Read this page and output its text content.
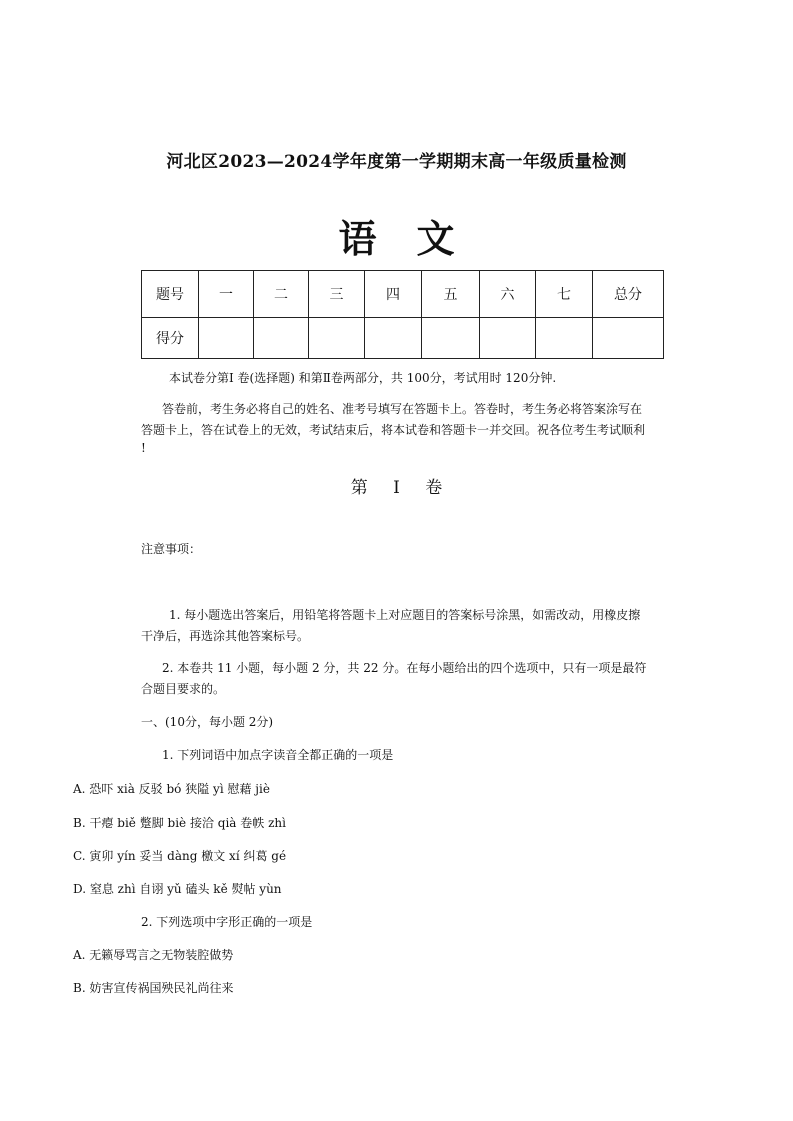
河北区2023—2024学年度第一学期期末高一年级质量检测
语文
题号	一	二	三	四	五	六	七	总分
得分								
本试卷分第Ⅰ 卷(选择题) 和第Ⅱ卷两部分，共 100分，考试用时 120分钟.
答卷前，考生务必将自己的姓名、准考号填写在答题卡上。答卷时，考生务必将答案涂写在
答题卡上，答在试卷上的无效，考试结束后，将本试卷和答题卡一并交回。祝各位考生考试顺利
!
第 Ⅰ 卷
注意事项：
1. 每小题选出答案后，用铅笔将答题卡上对应题目的答案标号涂黑，如需改动，用橡皮擦
干净后，再选涂其他答案标号。
2. 本卷共 11 小题，每小题 2 分，共 22 分。在每小题给出的四个选项中，只有一项是最符
合题目要求的。
一、(10分，每小题 2分)
1. 下列词语中加点字读音全都正确的一项是
A. 恐吓 xià 反驳 bó 狭隘 yì 慰藉 jiè
B. 干瘪 biě 蹩脚 biè 接洽 qià 卷帙 zhì
C. 寅卯 yín 妥当 dàng 檄文 xí 纠葛 gé
D. 窒息 zhì 自诩 yǔ 磕头 kě 熨帖 yùn
2. 下列选项中字形正确的一项是
A. 无籁辱骂言之无物装腔做势
B. 妨害宣传祸国殃民礼尚往来
